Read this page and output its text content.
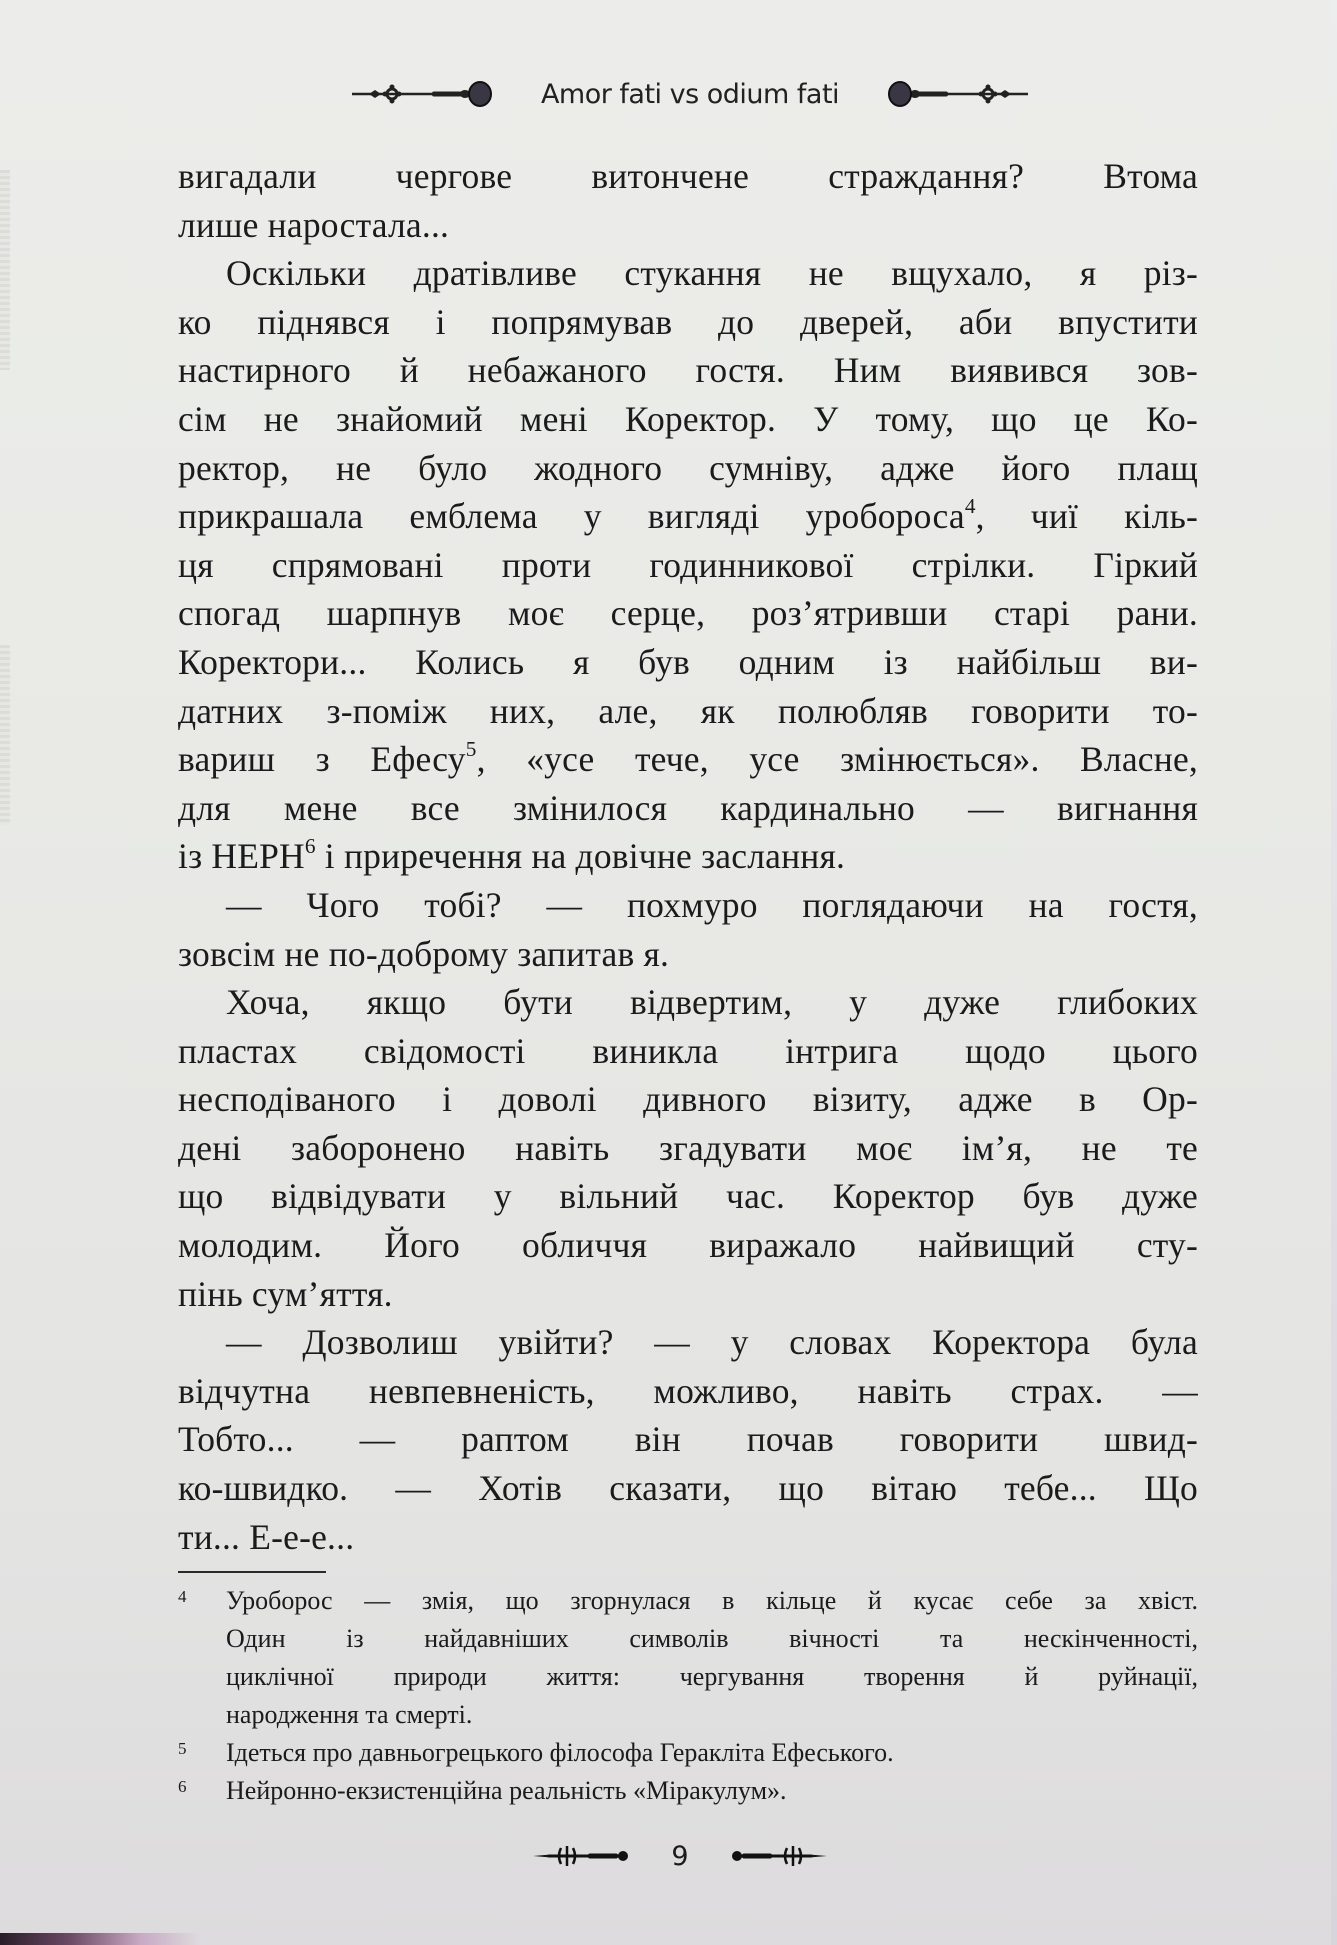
Amor fati vs odium fati
вигадали чергове витончене страждання? Втома
лише наростала...
Оскільки дратівливе стукання не вщухало, я різ-
ко піднявся і попрямував до дверей, аби впустити
настирного й небажаного гостя. Ним виявився зов-
сім не знайомий мені Коректор. У тому, що це Ко-
ректор, не було жодного сумніву, адже його плащ
прикрашала емблема у вигляді уробороса$^4$, чиї кіль-
ця спрямовані проти годинникової стрілки. Гіркий
спогад шарпнув моє серце, роз’ятривши старі рани.
Коректори... Колись я був одним із найбільш ви-
датних з-поміж них, але, як полюбляв говорити то-
вариш з Ефесу$^5$, «усе тече, усе змінюється». Власне,
для мене все змінилося кардинально — вигнання
із НЕРН$^6$ і приречення на довічне заслання.
— Чого тобі? — похмуро поглядаючи на гостя,
зовсім не по-доброму запитав я.
Хоча, якщо бути відвертим, у дуже глибоких
пластах свідомості виникла інтрига щодо цього
несподіваного і доволі дивного візиту, адже в Ор-
дені заборонено навіть згадувати моє ім’я, не те
що відвідувати у вільний час. Коректор був дуже
молодим. Його обличчя виражало найвищий сту-
пінь сум’яття.
— Дозволиш увійти? — у словах Коректора була
відчутна невпевненість, можливо, навіть страх. —
Тобто... — раптом він почав говорити швид-
ко-швидко. — Хотів сказати, що вітаю тебе... Що
ти... Е-е-е...
4	Уроборос — змія, що згорнулася в кільце й кусає себе за хвіст.
Один із найдавніших символів вічності та нескінченності,
циклічної природи життя: чергування творення й руйнації,
народження та смерті.
5	Ідеться про давньогрецького філософа Геракліта Ефеського.
6	Нейронно-екзистенційна реальність «Міракулум».
9
